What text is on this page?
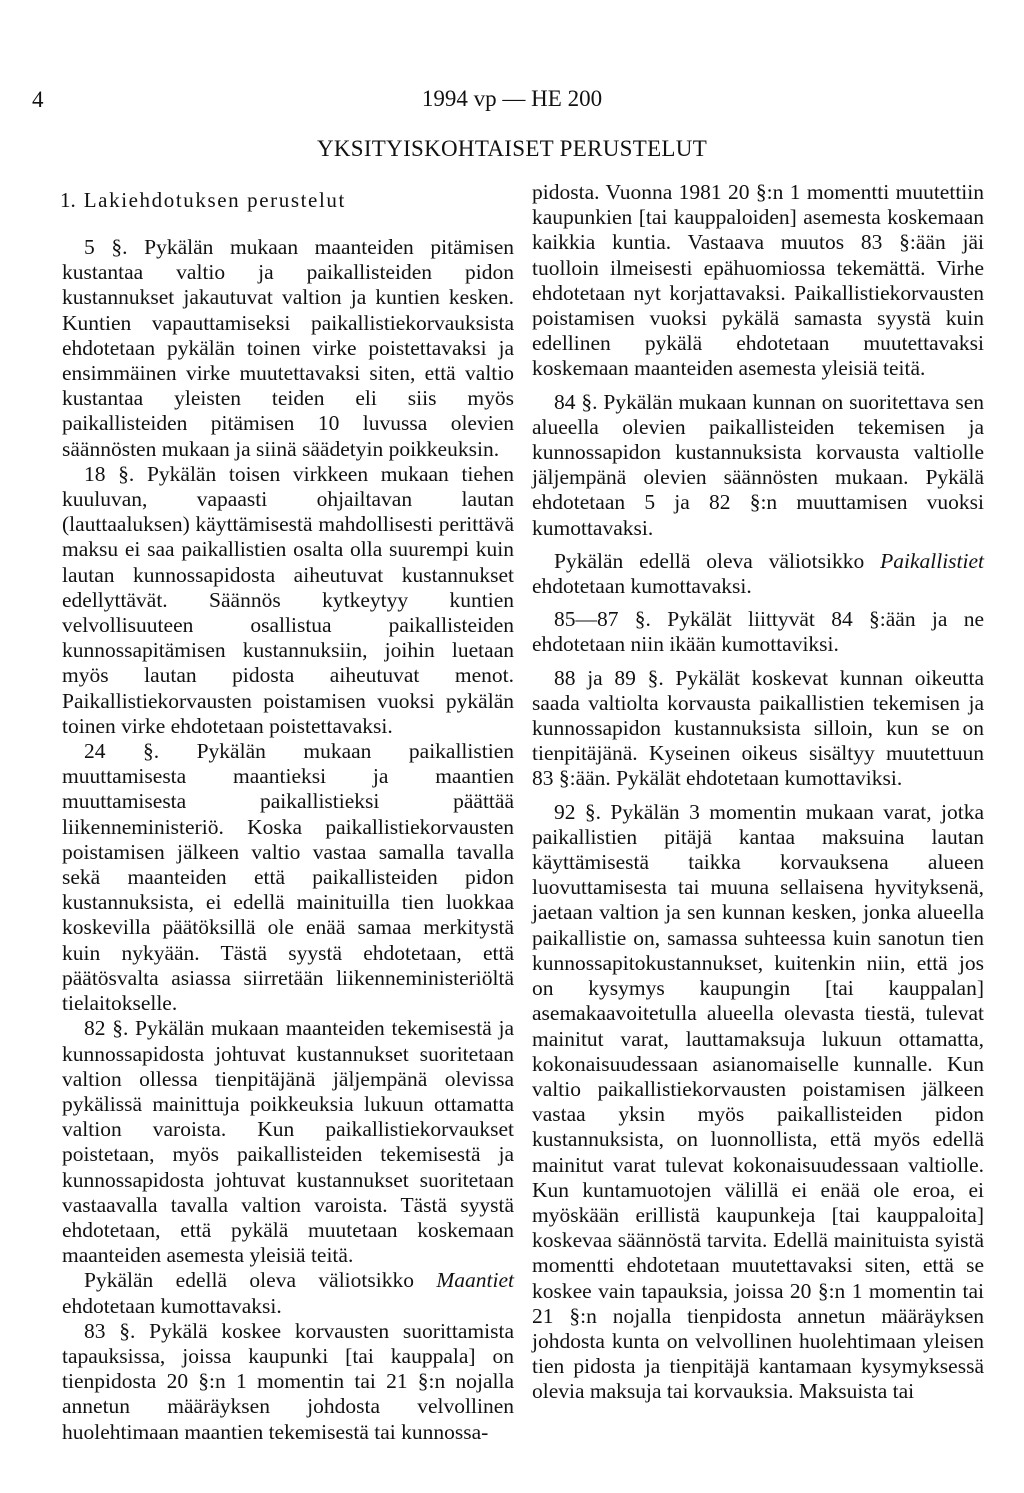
4	1994 vp — HE 200
YKSITYISKOHTAISET PERUSTELUT
1. Lakiehdotuksen perustelut

5 §. Pykälän mukaan maanteiden pitämisen kustantaa valtio ja paikallisteiden pidon kustannukset jakautuvat valtion ja kuntien kesken. Kuntien vapauttamiseksi paikallistiekorvauksista ehdotetaan pykälän toinen virke poistettavaksi ja ensimmäinen virke muutettavaksi siten, että valtio kustantaa yleisten teiden eli siis myös paikallisteiden pitämisen 10 luvussa olevien säännösten mukaan ja siinä säädetyin poikkeuksin.

18 §. Pykälän toisen virkkeen mukaan tiehen kuuluvan, vapaasti ohjailtavan lautan (lauttaaluksen) käyttämisestä mahdollisesti perittävä maksu ei saa paikallistien osalta olla suurempi kuin lautan kunnossapidosta aiheutuvat kustannukset edellyttävät. Säännös kytkeytyy kuntien velvollisuuteen osallistua paikallisteiden kunnossapitämisen kustannuksiin, joihin luetaan myös lautan pidosta aiheutuvat menot. Paikallistiekorvausten poistamisen vuoksi pykälän toinen virke ehdotetaan poistettavaksi.

24 §. Pykälän mukaan paikallistien muuttamisesta maantieksi ja maantien muuttamisesta paikallistieksi päättää liikenneministeriö. Koska paikallistiekorvausten poistamisen jälkeen valtio vastaa samalla tavalla sekä maanteiden että paikallisteiden pidon kustannuksista, ei edellä mainituilla tien luokkaa koskevilla päätöksillä ole enää samaa merkitystä kuin nykyään. Tästä syystä ehdotetaan, että päätösvalta asiassa siirretään liikenneministeriöltä tielaitokselle.

82 §. Pykälän mukaan maanteiden tekemisestä ja kunnossapidosta johtuvat kustannukset suoritetaan valtion ollessa tienpitäjänä jäljempänä olevissa pykälissä mainittuja poikkeuksia lukuun ottamatta valtion varoista. Kun paikallistiekorvaukset poistetaan, myös paikallisteiden tekemisestä ja kunnossapidosta johtuvat kustannukset suoritetaan vastaavalla tavalla valtion varoista. Tästä syystä ehdotetaan, että pykälä muutetaan koskemaan maanteiden asemesta yleisiä teitä.

Pykälän edellä oleva väliotsikko Maantiet ehdotetaan kumottavaksi.

83 §. Pykälä koskee korvausten suorittamista tapauksissa, joissa kaupunki [tai kauppala] on tienpidosta 20 §:n 1 momentin tai 21 §:n nojalla annetun määräyksen johdosta velvollinen huolehtimaan maantien tekemisestä tai kunnossa-

pidosta. Vuonna 1981 20 §:n 1 momentti muutettiin kaupunkien [tai kauppaloiden] asemesta koskemaan kaikkia kuntia. Vastaava muutos 83 §:ään jäi tuolloin ilmeisesti epähuomiossa tekemättä. Virhe ehdotetaan nyt korjattavaksi. Paikallistiekorvausten poistamisen vuoksi pykälä samasta syystä kuin edellinen pykälä ehdotetaan muutettavaksi koskemaan maanteiden asemesta yleisiä teitä.

84 §. Pykälän mukaan kunnan on suoritettava sen alueella olevien paikallisteiden tekemisen ja kunnossapidon kustannuksista korvausta valtiolle jäljempänä olevien säännösten mukaan. Pykälä ehdotetaan 5 ja 82 §:n muuttamisen vuoksi kumottavaksi.

Pykälän edellä oleva väliotsikko Paikallistiet ehdotetaan kumottavaksi.

85—87 §. Pykälät liittyvät 84 §:ään ja ne ehdotetaan niin ikään kumottaviksi.

88 ja 89 §. Pykälät koskevat kunnan oikeutta saada valtiolta korvausta paikallistien tekemisen ja kunnossapidon kustannuksista silloin, kun se on tienpitäjänä. Kyseinen oikeus sisältyy muutettuun 83 §:ään. Pykälät ehdotetaan kumottaviksi.

92 §. Pykälän 3 momentin mukaan varat, jotka paikallistien pitäjä kantaa maksuina lautan käyttämisestä taikka korvauksena alueen luovuttamisesta tai muuna sellaisena hyvityksenä, jaetaan valtion ja sen kunnan kesken, jonka alueella paikallistie on, samassa suhteessa kuin sanotun tien kunnossapitokustannukset, kuitenkin niin, että jos on kysymys kaupungin [tai kauppalan] asemakaavoitetulla alueella olevasta tiestä, tulevat mainitut varat, lauttamaksuja lukuun ottamatta, kokonaisuudessaan asianomaiselle kunnalle. Kun valtio paikallistiekorvausten poistamisen jälkeen vastaa yksin myös paikallisteiden pidon kustannuksista, on luonnollista, että myös edellä mainitut varat tulevat kokonaisuudessaan valtiolle. Kun kuntamuotojen välillä ei enää ole eroa, ei myöskään erillistä kaupunkeja [tai kauppaloita] koskevaa säännöstä tarvita. Edellä mainituista syistä momentti ehdotetaan muutettavaksi siten, että se koskee vain tapauksia, joissa 20 §:n 1 momentin tai 21 §:n nojalla tienpidosta annetun määräyksen johdosta kunta on velvollinen huolehtimaan yleisen tien pidosta ja tienpitäjä kantamaan kysymyksessä olevia maksuja tai korvauksia. Maksuista tai
